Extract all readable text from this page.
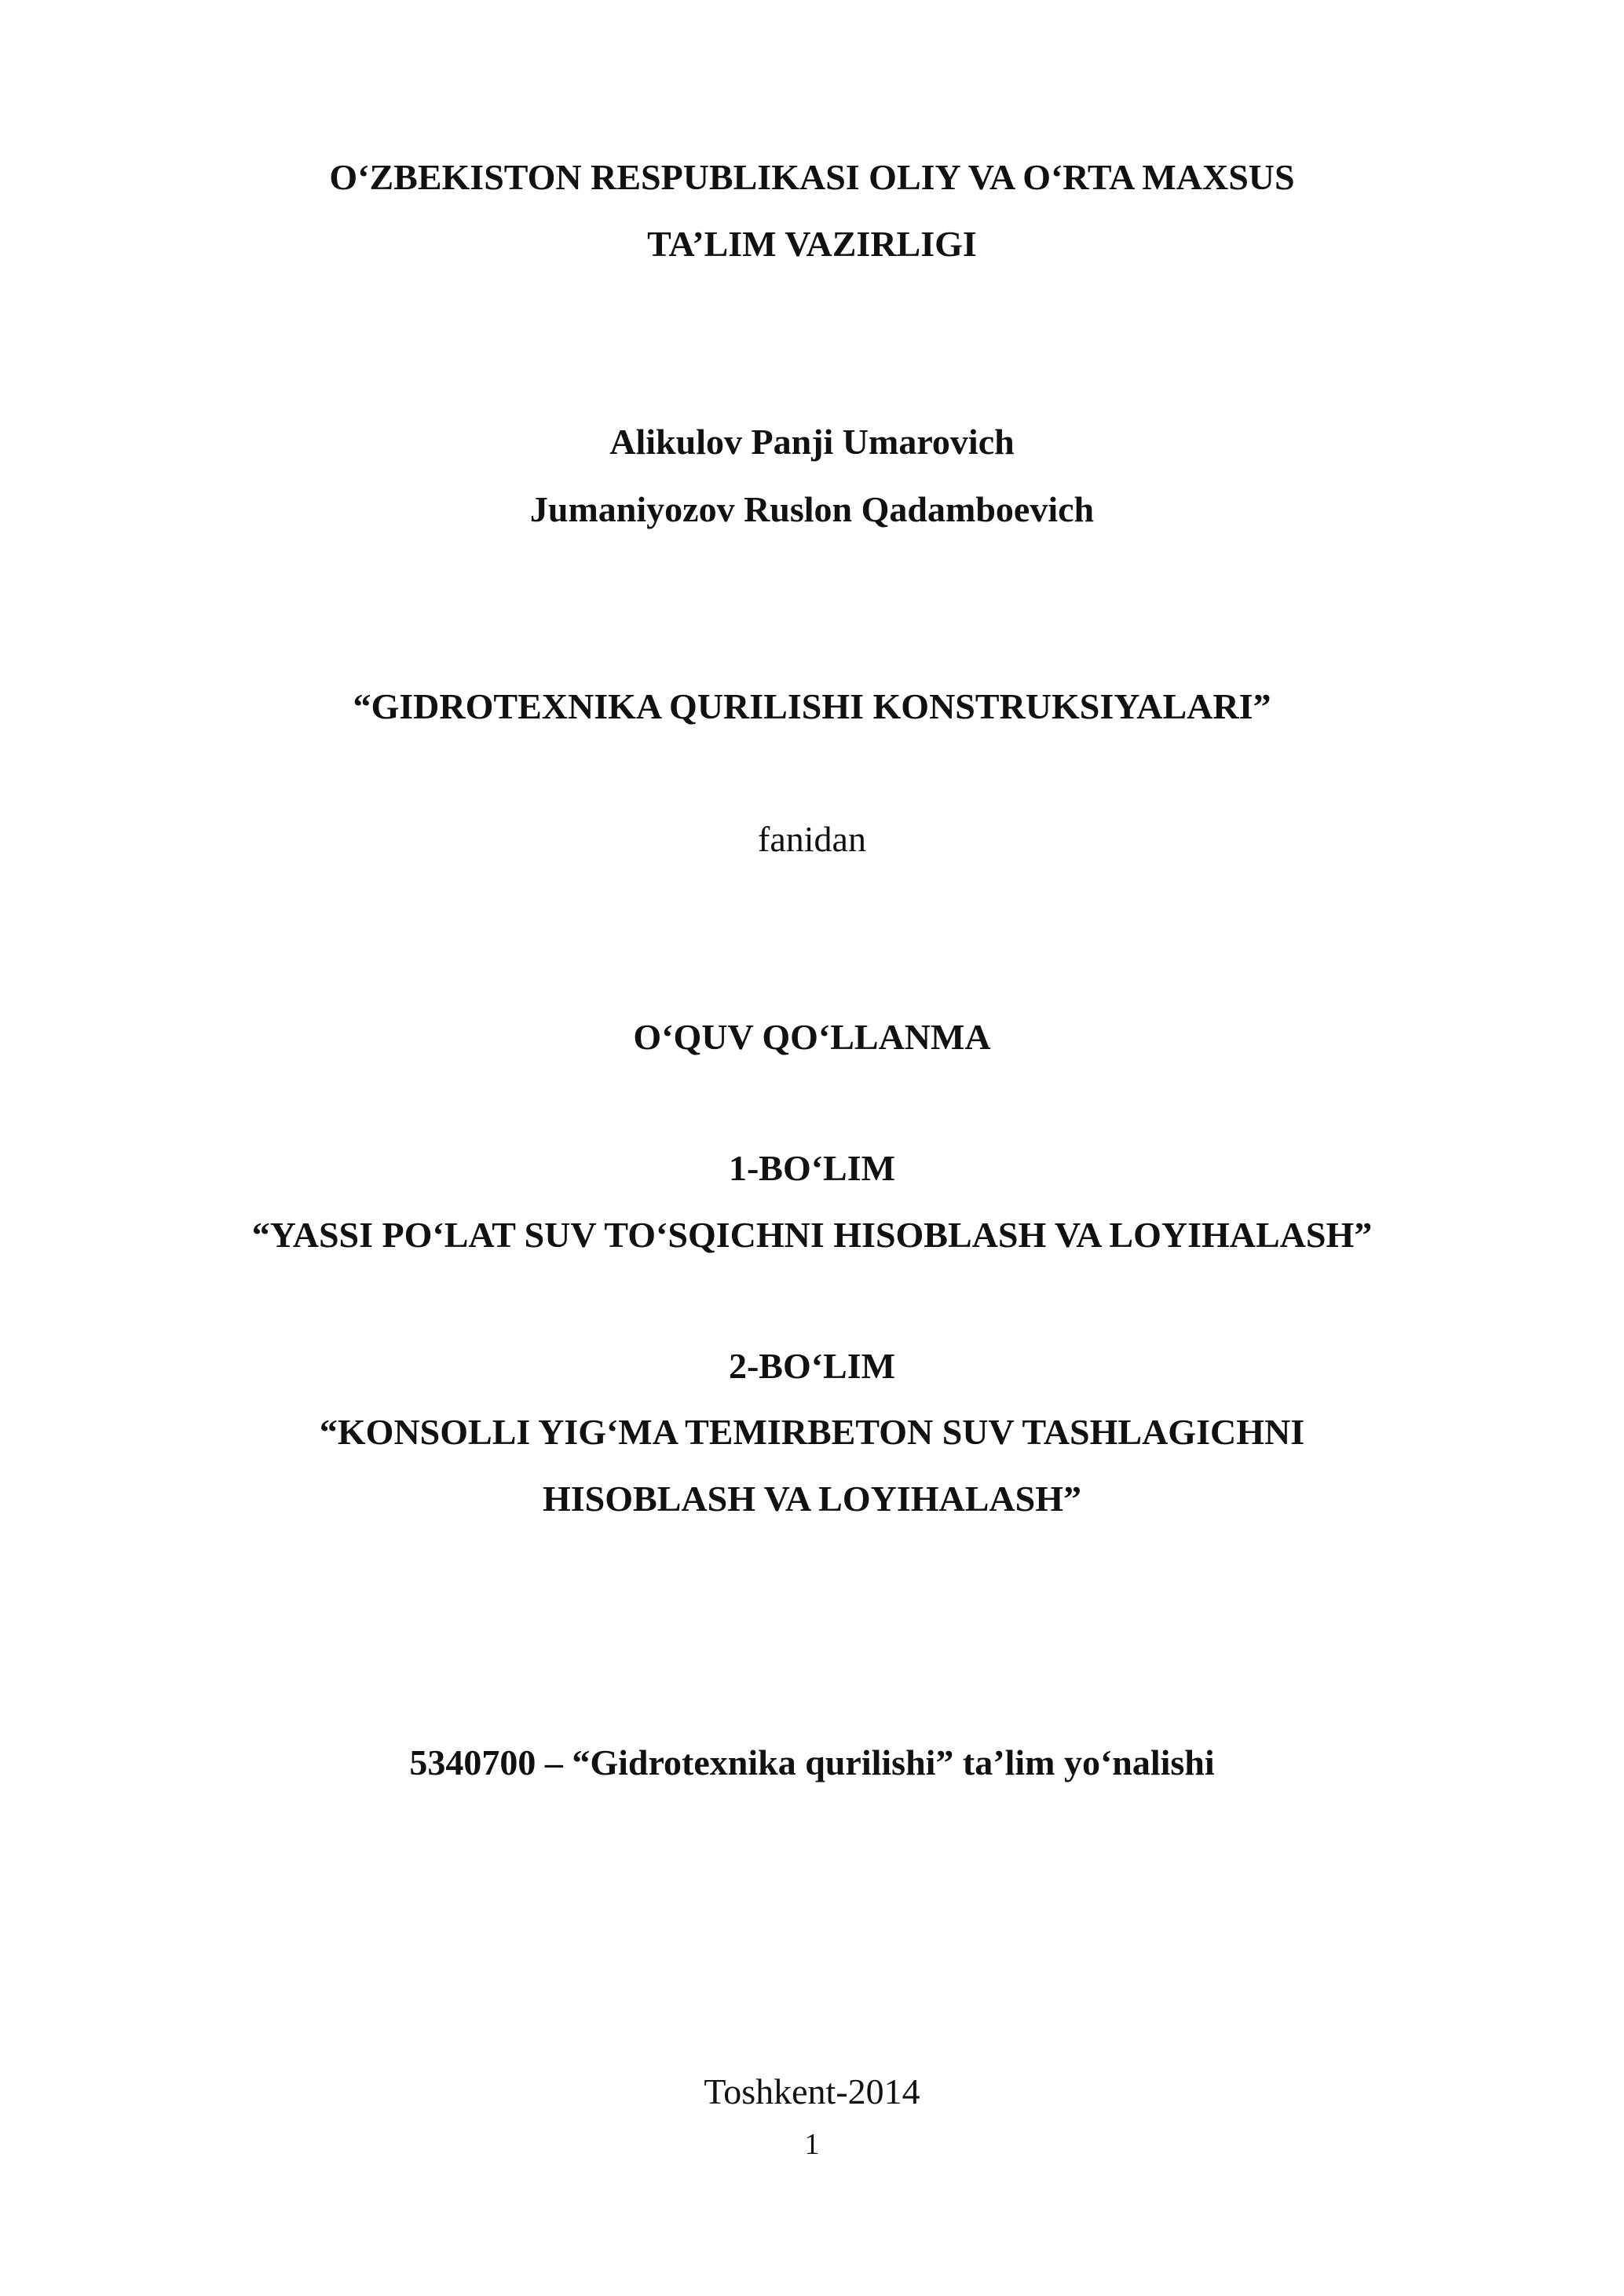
O‘ZBEKISTON RESPUBLIKASI OLIY VA O‘RTA MAXSUS
TA’LIM VAZIRLIGI
Alikulov Panji Umarovich
Jumaniyozov Ruslon Qadamboevich
“GIDROTEXNIKA QURILISHI KONSTRUKSIYALARI”
fanidan
O‘QUV QO‘LLANMA
1-BO‘LIM
“YASSI PO‘LAT SUV TO‘SQICHNI HISOBLASH VA LOYIHALASH”
2-BO‘LIM
“KONSOLLI YIG‘MA TEMIRBETON SUV TASHLAGICHNI
HISOBLASH VA LOYIHALASH”
5340700 – “Gidrotexnika qurilishi” ta’lim yo‘nalishi
Toshkent-2014
1
